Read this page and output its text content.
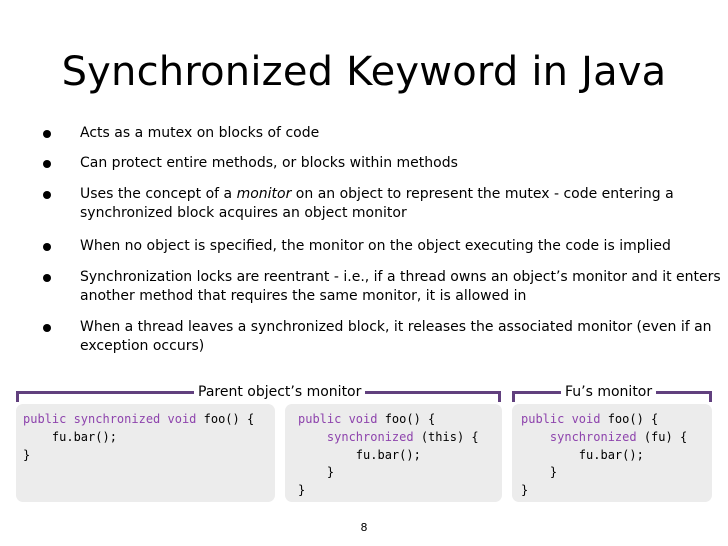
Synchronized Keyword in Java
Acts as a mutex on blocks of code
Can protect entire methods, or blocks within methods
Uses the concept of a monitor on an object to represent the mutex - code entering a
synchronized block acquires an object monitor
When no object is specified, the monitor on the object executing the code is implied
Synchronization locks are reentrant - i.e., if a thread owns an object’s monitor and it enters
another method that requires the same monitor, it is allowed in
When a thread leaves a synchronized block, it releases the associated monitor (even if an
exception occurs)
Parent object’s monitor	Fu’s monitor
public synchronized void foo() {
fu.bar();
}
public void foo() {
synchronized (this) {
fu.bar();
}
}
public void foo() {
synchronized (fu) {
fu.bar();
}
}
8
